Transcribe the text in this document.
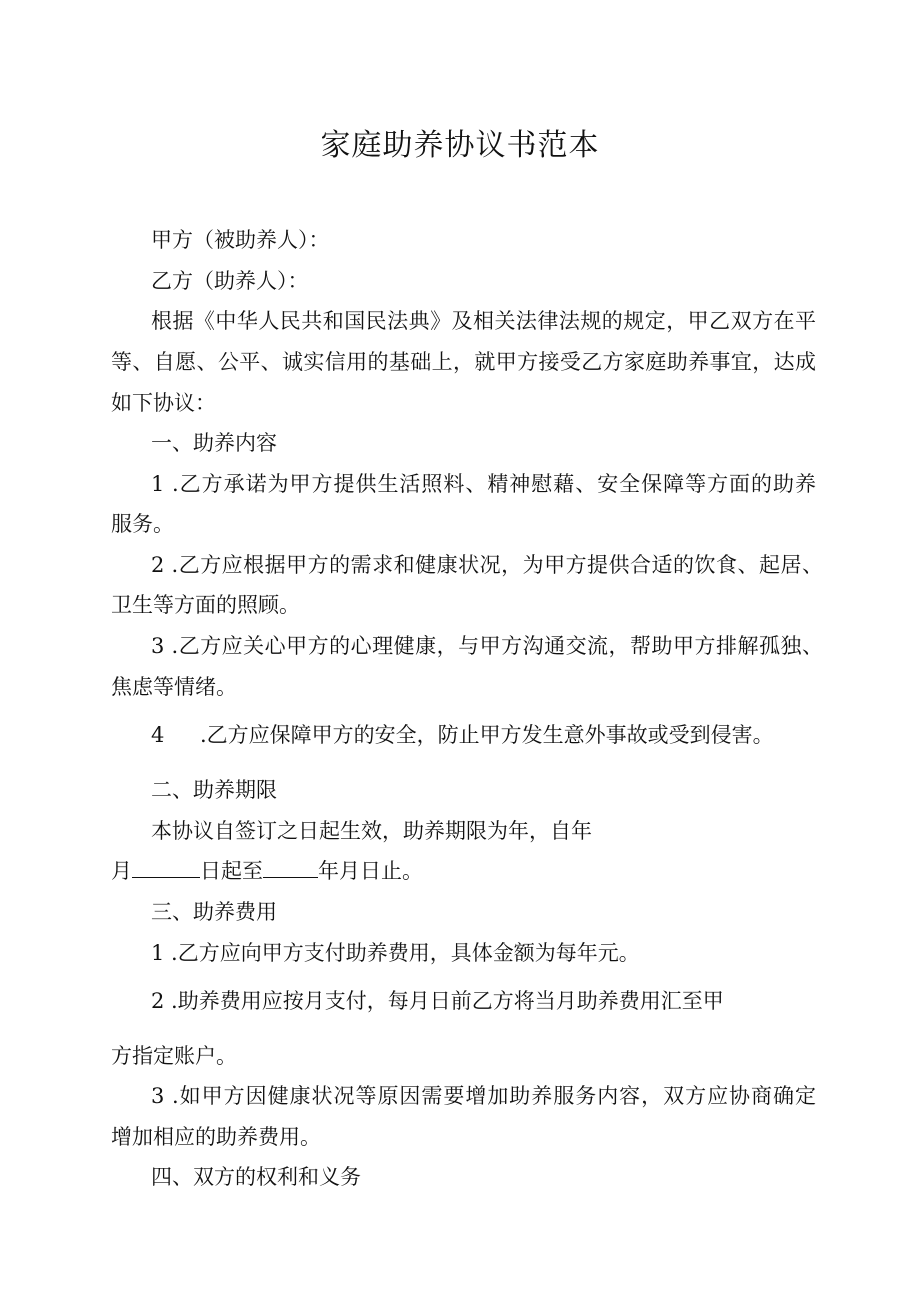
家庭助养协议书范本
甲方（被助养人）：
乙方（助养人）：
根据《中华人民共和国民法典》及相关法律法规的规定，甲乙双方在平
等、自愿、公平、诚实信用的基础上，就甲方接受乙方家庭助养事宜，达成
如下协议：
一、助养内容
1 .乙方承诺为甲方提供生活照料、精神慰藉、安全保障等方面的助养
服务。
2 .乙方应根据甲方的需求和健康状况，为甲方提供合适的饮食、起居、
卫生等方面的照顾。
3 .乙方应关心甲方的心理健康，与甲方沟通交流，帮助甲方排解孤独、
焦虑等情绪。
4 .乙方应保障甲方的安全，防止甲方发生意外事故或受到侵害。
二、助养期限
本协议自签订之日起生效，助养期限为年，自年
月	日起至	年月日止。
三、助养费用
1 .乙方应向甲方支付助养费用，具体金额为每年元。
2 .助养费用应按月支付，每月日前乙方将当月助养费用汇至甲
方指定账户。
3 .如甲方因健康状况等原因需要增加助养服务内容，双方应协商确定
增加相应的助养费用。
四、双方的权利和义务
